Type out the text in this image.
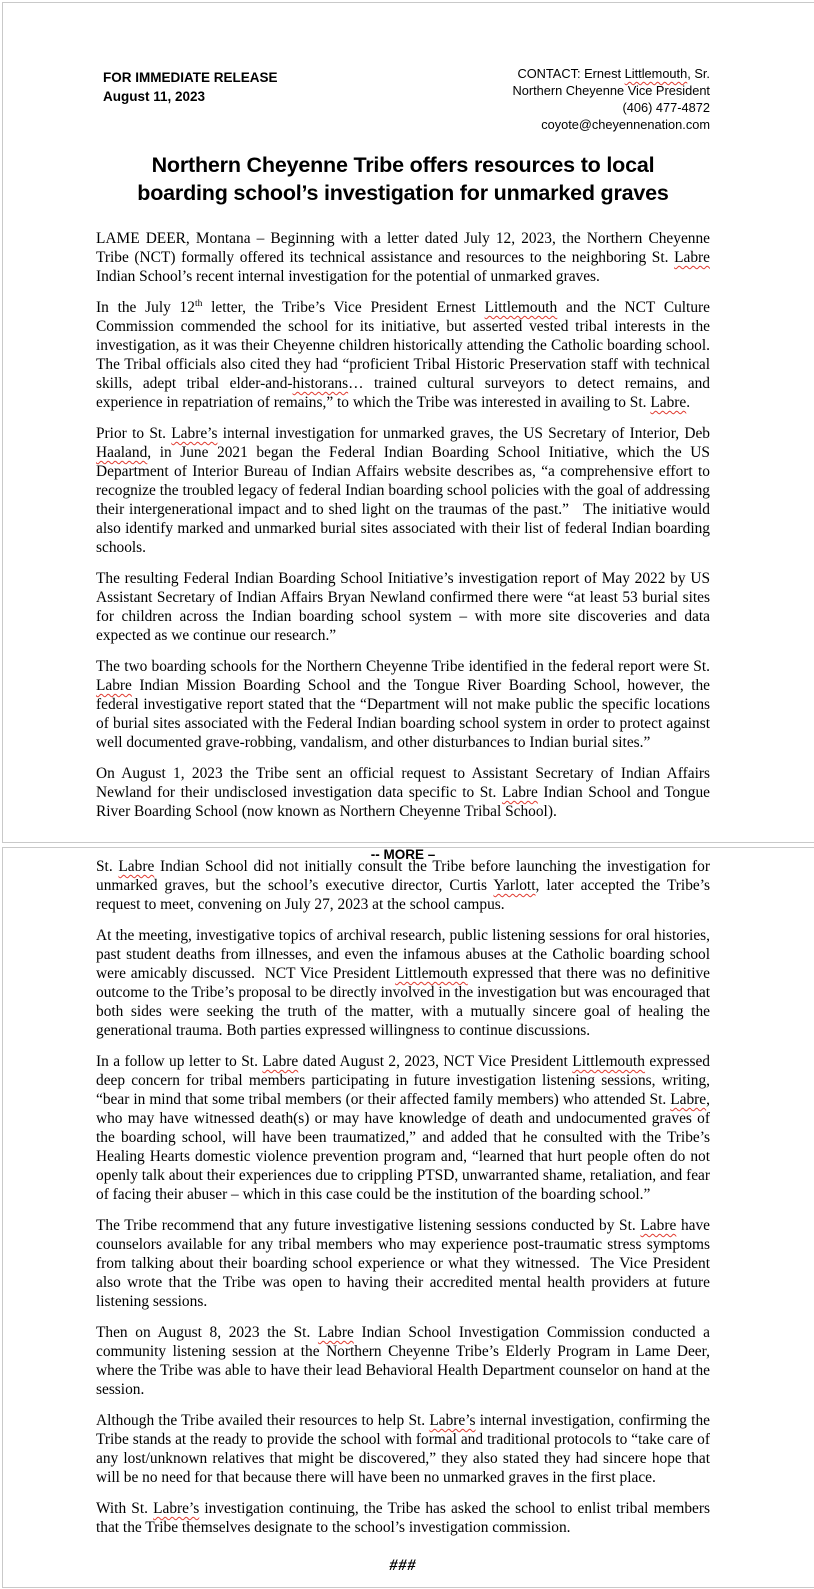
FOR IMMEDIATE RELEASE
August 11, 2023
CONTACT: Ernest Littlemouth, Sr.
Northern Cheyenne Vice President
(406) 477-4872
coyote@cheyennenation.com
Northern Cheyenne Tribe offers resources to local
boarding school’s investigation for unmarked graves

LAME DEER, Montana – Beginning with a letter dated July 12, 2023, the Northern Cheyenne Tribe (NCT) formally offered its technical assistance and resources to the neighboring St. Labre Indian School’s recent internal investigation for the potential of unmarked graves.

In the July 12th letter, the Tribe’s Vice President Ernest Littlemouth and the NCT Culture Commission commended the school for its initiative, but asserted vested tribal interests in the investigation, as it was their Cheyenne children historically attending the Catholic boarding school. The Tribal officials also cited they had “proficient Tribal Historic Preservation staff with technical skills, adept tribal elder-and-historans… trained cultural surveyors to detect remains, and experience in repatriation of remains,” to which the Tribe was interested in availing to St. Labre.

Prior to St. Labre’s internal investigation for unmarked graves, the US Secretary of Interior, Deb Haaland, in June 2021 began the Federal Indian Boarding School Initiative, which the US Department of Interior Bureau of Indian Affairs website describes as, “a comprehensive effort to recognize the troubled legacy of federal Indian boarding school policies with the goal of addressing their intergenerational impact and to shed light on the traumas of the past.”   The initiative would also identify marked and unmarked burial sites associated with their list of federal Indian boarding schools.

The resulting Federal Indian Boarding School Initiative’s investigation report of May 2022 by US Assistant Secretary of Indian Affairs Bryan Newland confirmed there were “at least 53 burial sites for children across the Indian boarding school system – with more site discoveries and data expected as we continue our research.”

The two boarding schools for the Northern Cheyenne Tribe identified in the federal report were St. Labre Indian Mission Boarding School and the Tongue River Boarding School, however, the federal investigative report stated that the “Department will not make public the specific locations of burial sites associated with the Federal Indian boarding school system in order to protect against well documented grave-robbing, vandalism, and other disturbances to Indian burial sites.”

On August 1, 2023 the Tribe sent an official request to Assistant Secretary of Indian Affairs Newland for their undisclosed investigation data specific to St. Labre Indian School and Tongue River Boarding School (now known as Northern Cheyenne Tribal School).

-- MORE –

St. Labre Indian School did not initially consult the Tribe before launching the investigation for unmarked graves, but the school’s executive director, Curtis Yarlott, later accepted the Tribe’s request to meet, convening on July 27, 2023 at the school campus.

At the meeting, investigative topics of archival research, public listening sessions for oral histories, past student deaths from illnesses, and even the infamous abuses at the Catholic boarding school were amicably discussed.  NCT Vice President Littlemouth expressed that there was no definitive outcome to the Tribe’s proposal to be directly involved in the investigation but was encouraged that both sides were seeking the truth of the matter, with a mutually sincere goal of healing the generational trauma. Both parties expressed willingness to continue discussions.

In a follow up letter to St. Labre dated August 2, 2023, NCT Vice President Littlemouth expressed deep concern for tribal members participating in future investigation listening sessions, writing, “bear in mind that some tribal members (or their affected family members) who attended St. Labre, who may have witnessed death(s) or may have knowledge of death and undocumented graves of the boarding school, will have been traumatized,” and added that he consulted with the Tribe’s Healing Hearts domestic violence prevention program and, “learned that hurt people often do not openly talk about their experiences due to crippling PTSD, unwarranted shame, retaliation, and fear of facing their abuser – which in this case could be the institution of the boarding school.”

The Tribe recommend that any future investigative listening sessions conducted by St. Labre have counselors available for any tribal members who may experience post-traumatic stress symptoms from talking about their boarding school experience or what they witnessed.  The Vice President also wrote that the Tribe was open to having their accredited mental health providers at future listening sessions.

Then on August 8, 2023 the St. Labre Indian School Investigation Commission conducted a community listening session at the Northern Cheyenne Tribe’s Elderly Program in Lame Deer, where the Tribe was able to have their lead Behavioral Health Department counselor on hand at the session.

Although the Tribe availed their resources to help St. Labre’s internal investigation, confirming the Tribe stands at the ready to provide the school with formal and traditional protocols to “take care of any lost/unknown relatives that might be discovered,” they also stated they had sincere hope that will be no need for that because there will have been no unmarked graves in the first place.

With St. Labre’s investigation continuing, the Tribe has asked the school to enlist tribal members that the Tribe themselves designate to the school’s investigation commission.

###
